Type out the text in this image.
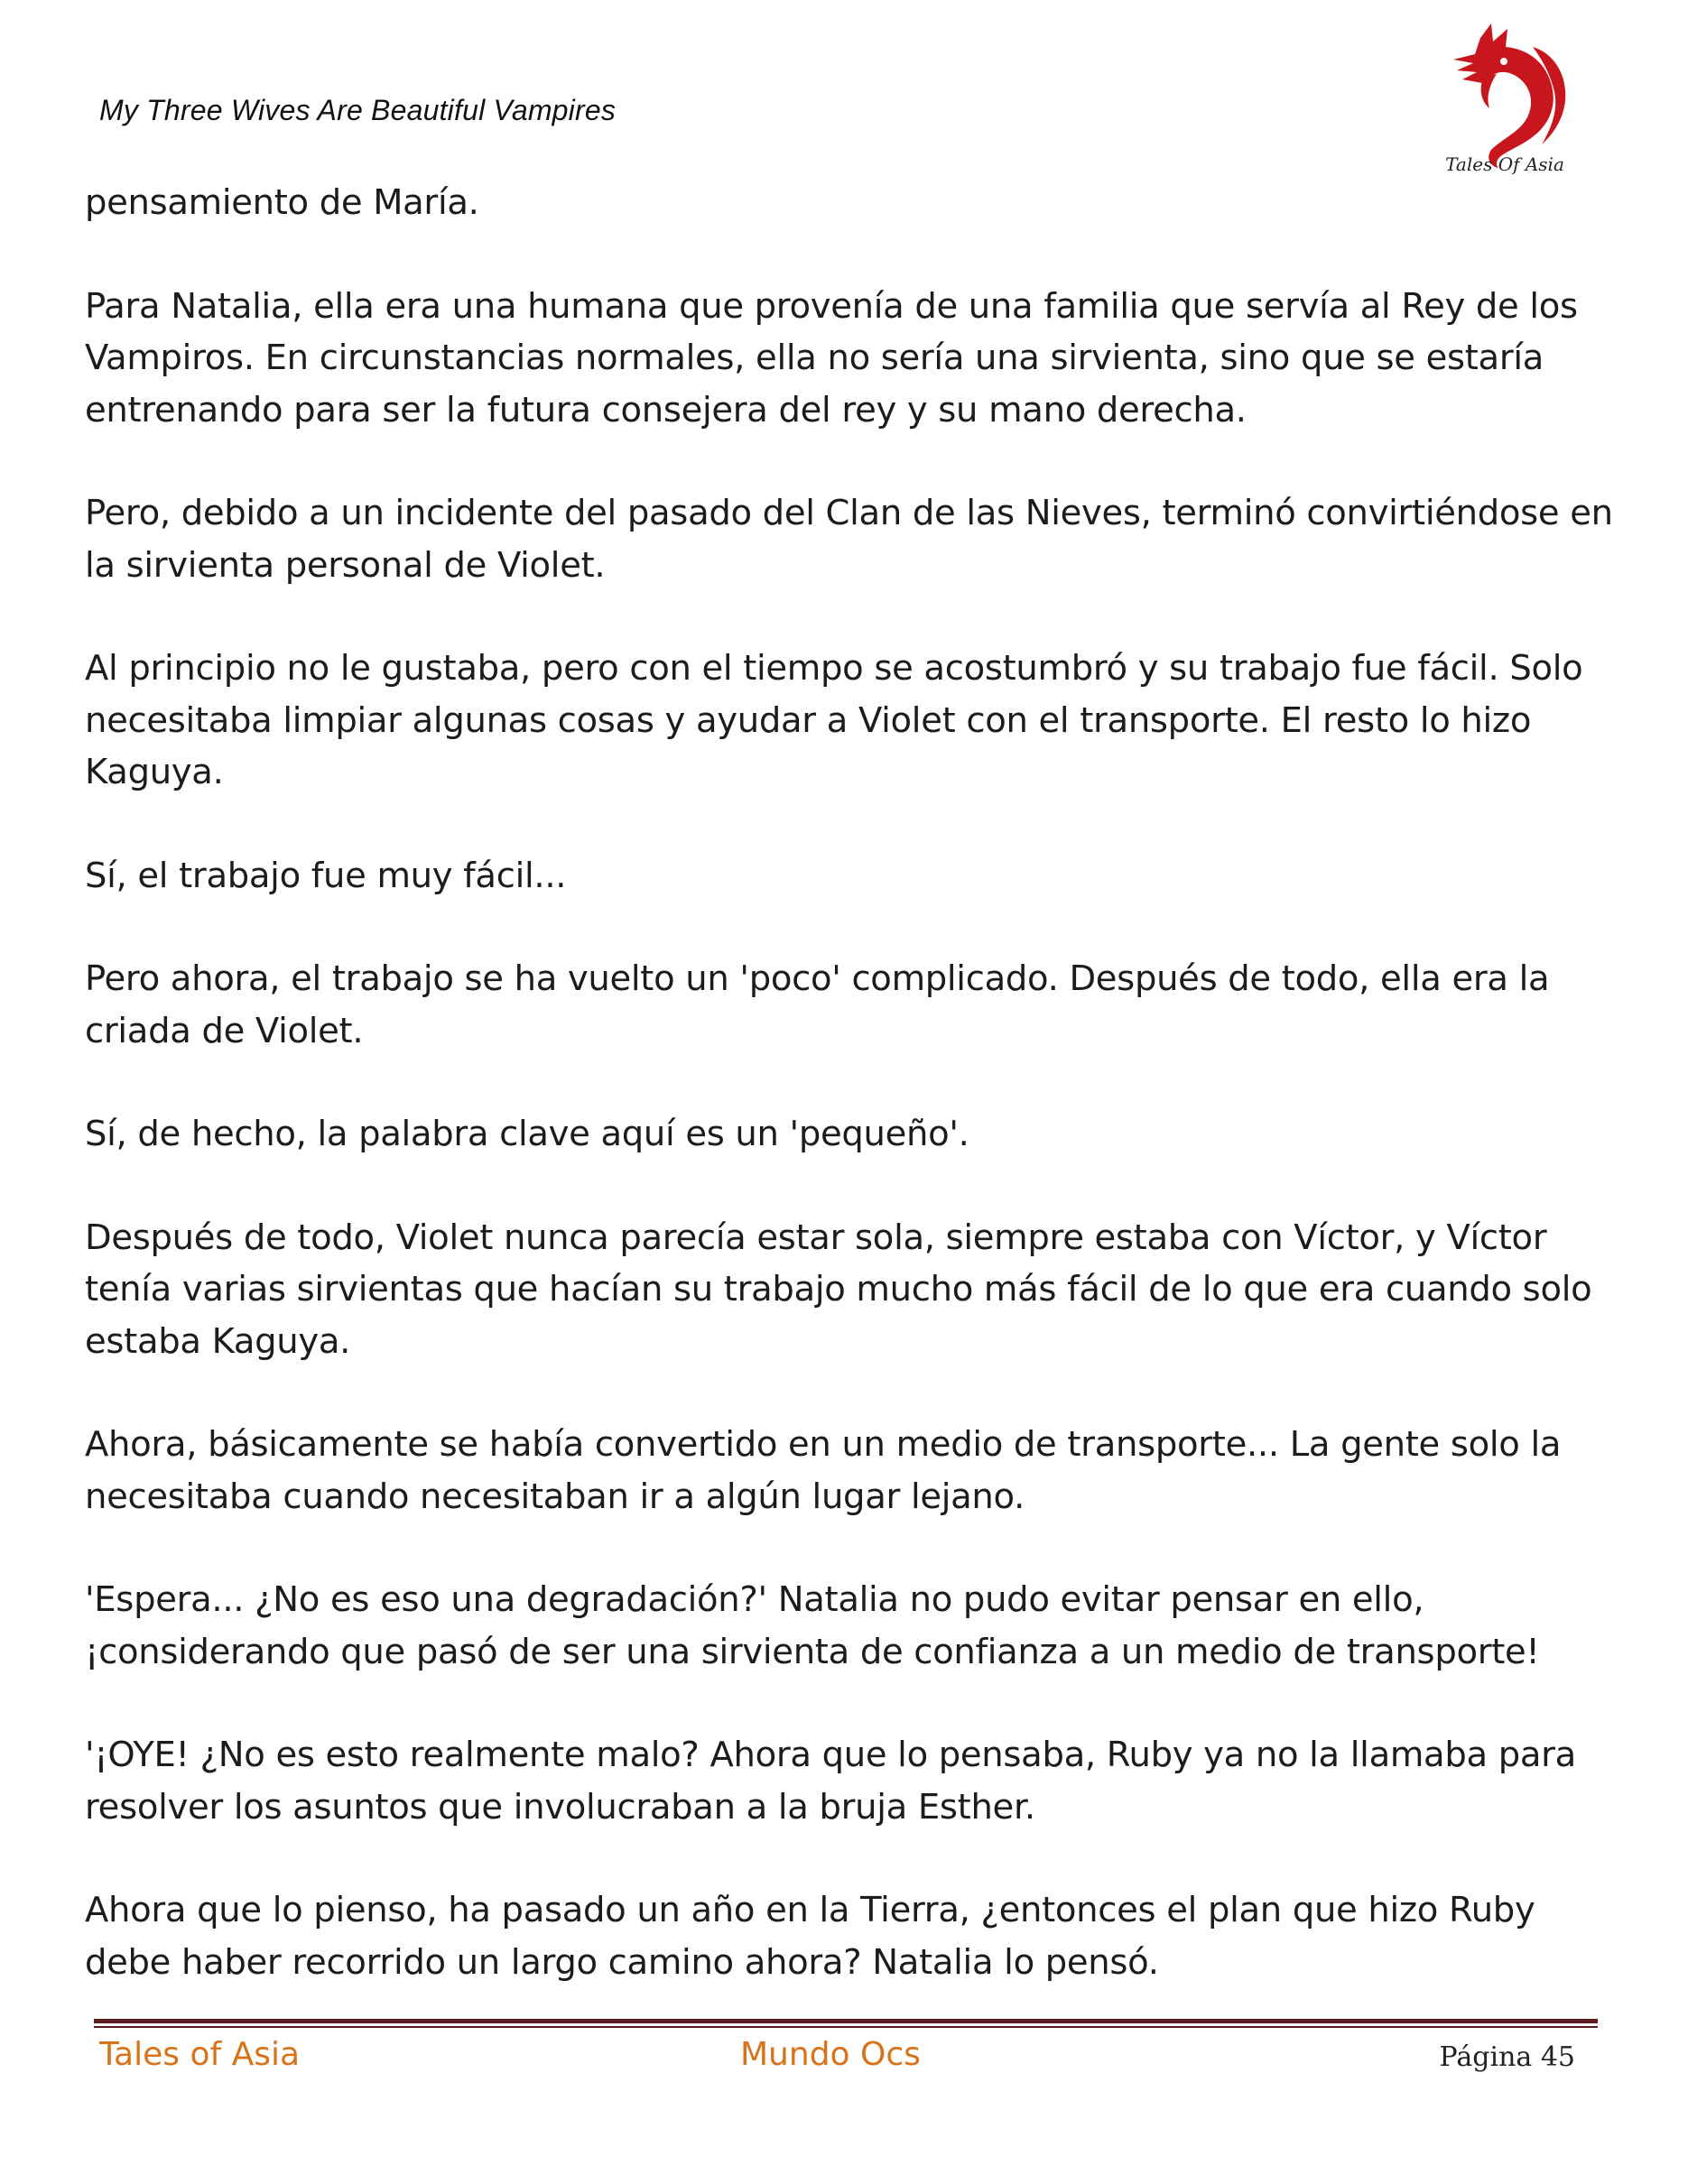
My Three Wives Are Beautiful Vampires
Tales Of Asia

pensamiento de María.

Para Natalia, ella era una humana que provenía de una familia que servía al Rey de los Vampiros. En circunstancias normales, ella no sería una sirvienta, sino que se estaría entrenando para ser la futura consejera del rey y su mano derecha.

Pero, debido a un incidente del pasado del Clan de las Nieves, terminó convirtiéndose en la sirvienta personal de Violet.

Al principio no le gustaba, pero con el tiempo se acostumbró y su trabajo fue fácil. Solo necesitaba limpiar algunas cosas y ayudar a Violet con el transporte. El resto lo hizo Kaguya.

Sí, el trabajo fue muy fácil...

Pero ahora, el trabajo se ha vuelto un 'poco' complicado. Después de todo, ella era la criada de Violet.

Sí, de hecho, la palabra clave aquí es un 'pequeño'.

Después de todo, Violet nunca parecía estar sola, siempre estaba con Víctor, y Víctor tenía varias sirvientas que hacían su trabajo mucho más fácil de lo que era cuando solo estaba Kaguya.

Ahora, básicamente se había convertido en un medio de transporte... La gente solo la necesitaba cuando necesitaban ir a algún lugar lejano.

'Espera... ¿No es eso una degradación?' Natalia no pudo evitar pensar en ello, ¡considerando que pasó de ser una sirvienta de confianza a un medio de transporte!

'¡OYE! ¿No es esto realmente malo? Ahora que lo pensaba, Ruby ya no la llamaba para resolver los asuntos que involucraban a la bruja Esther.

Ahora que lo pienso, ha pasado un año en la Tierra, ¿entonces el plan que hizo Ruby debe haber recorrido un largo camino ahora? Natalia lo pensó.

Tales of Asia	Mundo Ocs	Página 45
